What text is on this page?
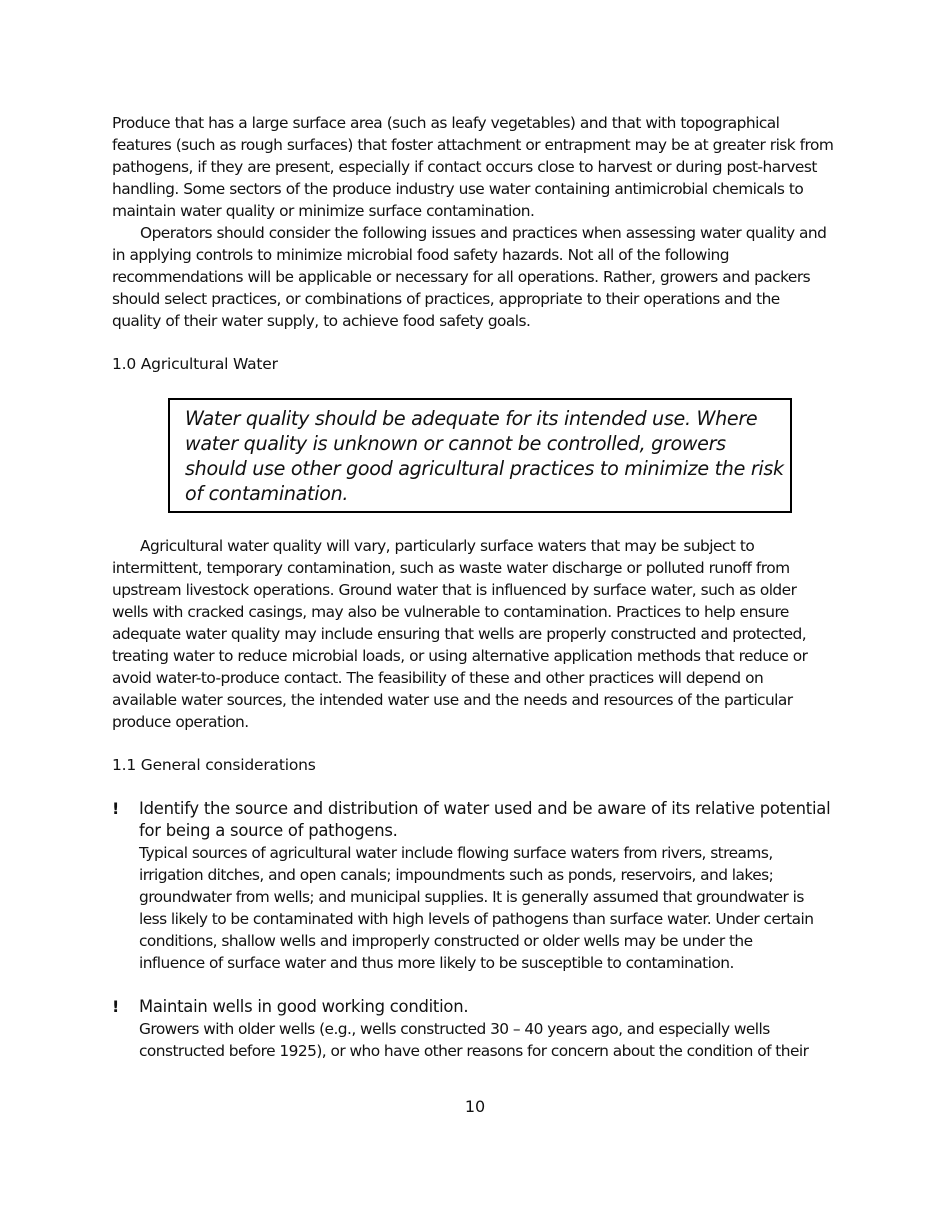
Produce that has a large surface area (such as leafy vegetables) and that with topographical
features (such as rough surfaces) that foster attachment or entrapment may be at greater risk from
pathogens, if they are present, especially if contact occurs close to harvest or during post-harvest
handling. Some sectors of the produce industry use water containing antimicrobial chemicals to
maintain water quality or minimize surface contamination.
Operators should consider the following issues and practices when assessing water quality and
in applying controls to minimize microbial food safety hazards. Not all of the following
recommendations will be applicable or necessary for all operations. Rather, growers and packers
should select practices, or combinations of practices, appropriate to their operations and the
quality of their water supply, to achieve food safety goals.
1.0 Agricultural Water

Water quality should be adequate for its intended use. Where
water quality is unknown or cannot be controlled, growers
should use other good agricultural practices to minimize the risk
of contamination.

Agricultural water quality will vary, particularly surface waters that may be subject to
intermittent, temporary contamination, such as waste water discharge or polluted runoff from
upstream livestock operations. Ground water that is influenced by surface water, such as older
wells with cracked casings, may also be vulnerable to contamination. Practices to help ensure
adequate water quality may include ensuring that wells are properly constructed and protected,
treating water to reduce microbial loads, or using alternative application methods that reduce or
avoid water-to-produce contact. The feasibility of these and other practices will depend on
available water sources, the intended water use and the needs and resources of the particular
produce operation.
1.1 General considerations
! Identify the source and distribution of water used and be aware of its relative potential
for being a source of pathogens.

Typical sources of agricultural water include flowing surface waters from rivers, streams,
irrigation ditches, and open canals; impoundments such as ponds, reservoirs, and lakes;
groundwater from wells; and municipal supplies. It is generally assumed that groundwater is
less likely to be contaminated with high levels of pathogens than surface water. Under certain
conditions, shallow wells and improperly constructed or older wells may be under the
influence of surface water and thus more likely to be susceptible to contamination.

! Maintain wells in good working condition.

Growers with older wells (e.g., wells constructed 30 – 40 years ago, and especially wells
constructed before 1925), or who have other reasons for concern about the condition of their

10
